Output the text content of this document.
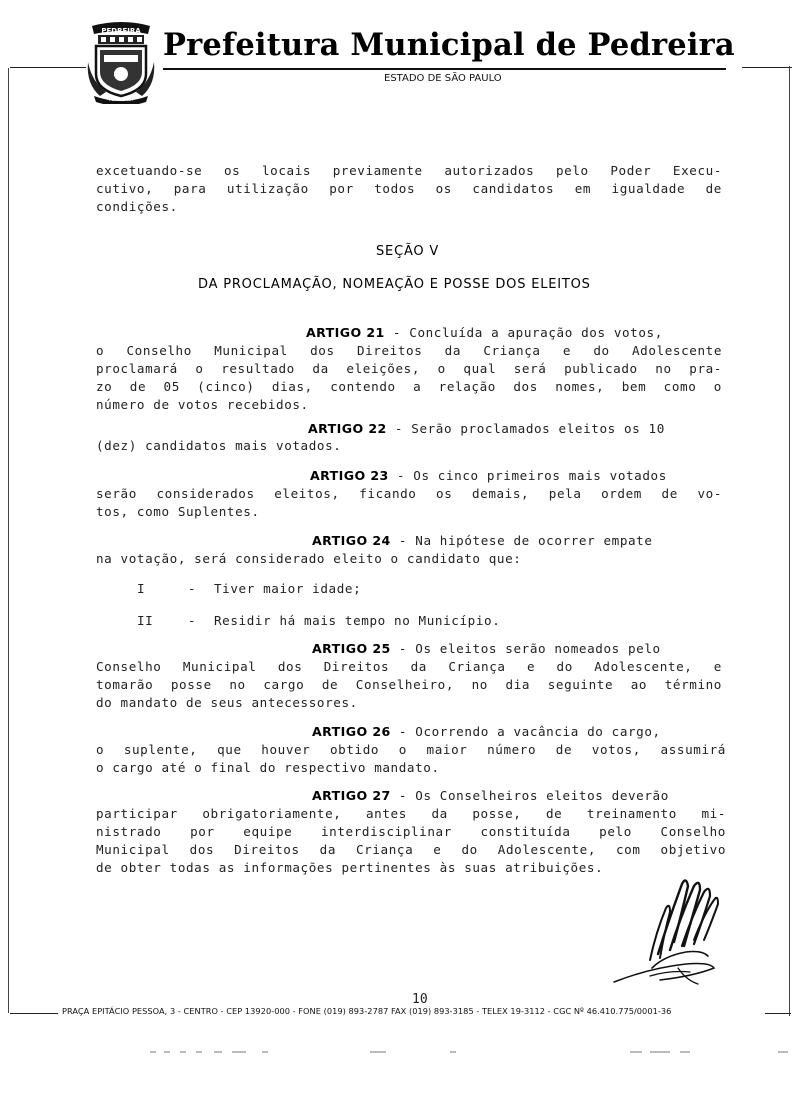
PEDREIRA
PORCELANA
Prefeitura Municipal de Pedreira
ESTADO DE SÃO PAULO
excetuando-se os locais previamente autorizados pelo Poder Execu-
cutivo, para utilização por todos os candidatos em igualdade de
condições.
SEÇÃO V
DA PROCLAMAÇÃO, NOMEAÇÃO E POSSE DOS ELEITOS
ARTIGO 21 - Concluída a apuração dos votos,
o Conselho Municipal dos Direitos da Criança e do Adolescente
proclamará o resultado da eleições, o qual será publicado no pra-
zo de 05 (cinco) dias, contendo a relação dos nomes, bem como o
número de votos recebidos.
ARTIGO 22 - Serão proclamados eleitos os 10
(dez) candidatos mais votados.
ARTIGO 23 - Os cinco primeiros mais votados
serão considerados eleitos, ficando os demais, pela ordem de vo-
tos, como Suplentes.
ARTIGO 24 - Na hipótese de ocorrer empate
na votação, será considerado eleito o candidato que:
I	- Tiver maior idade;
II	- Residir há mais tempo no Município.
ARTIGO 25 - Os eleitos serão nomeados pelo
Conselho Municipal dos Direitos da Criança e do Adolescente, e
tomarão posse no cargo de Conselheiro, no dia seguinte ao término
do mandato de seus antecessores.
ARTIGO 26 - Ocorrendo a vacância do cargo,
o suplente, que houver obtido o maior número de votos, assumirá
o cargo até o final do respectivo mandato.
ARTIGO 27 - Os Conselheiros eleitos deverão
participar obrigatoriamente, antes da posse, de treinamento mi-
nistrado por equipe interdisciplinar constituída pelo Conselho
Municipal dos Direitos da Criança e do Adolescente, com objetivo
de obter todas as informações pertinentes às suas atribuições.
10
PRAÇA EPITÁCIO PESSOA, 3 - CENTRO - CEP 13920-000 - FONE (019) 893-2787 FAX (019) 893-3185 - TELEX 19-3112 - CGC Nº 46.410.775/0001-36
